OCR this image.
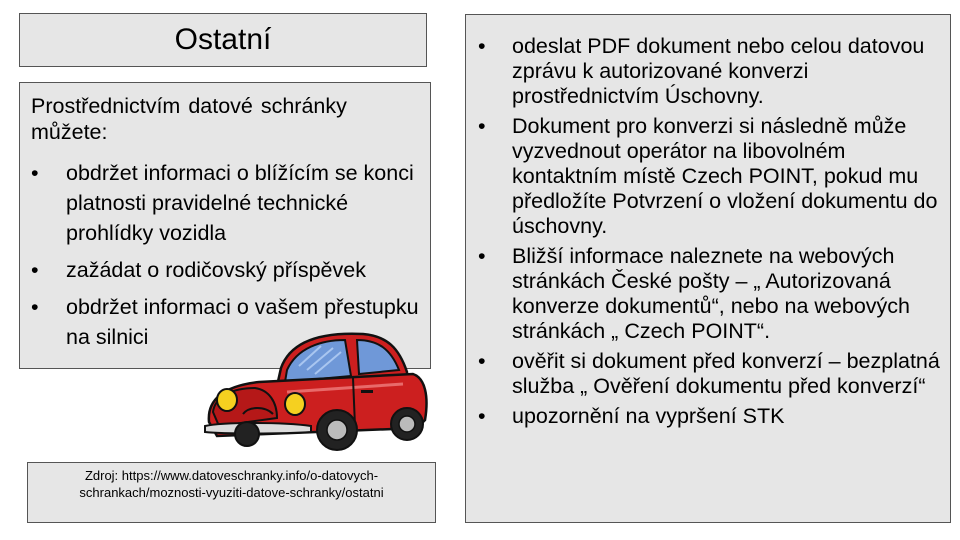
Ostatní
Prostřednictvím datové schránky můžete:
• obdržet informaci o blížícím se konci platnosti pravidelné technické prohlídky vozidla
• zažádat o rodičovský příspěvek
• obdržet informaci o vašem přestupku na silnici
• odeslat PDF dokument nebo celou datovou zprávu k autorizované konverzi prostřednictvím Úschovny.
• Dokument pro konverzi si následně může vyzvednout operátor na libovolném kontaktním místě Czech POINT, pokud mu předložíte Potvrzení o vložení dokumentu do úschovny.
• Bližší informace naleznete na webových stránkách České pošty – „ Autorizovaná konverze dokumentů“, nebo na webových stránkách „ Czech POINT“.
• ověřit si dokument před konverzí – bezplatná služba „ Ověření dokumentu před konverzí“
• upozornění na vypršení STK
Zdroj: https://www.datoveschranky.info/o-datovych-schrankach/moznosti-vyuziti-datove-schranky/ostatni
